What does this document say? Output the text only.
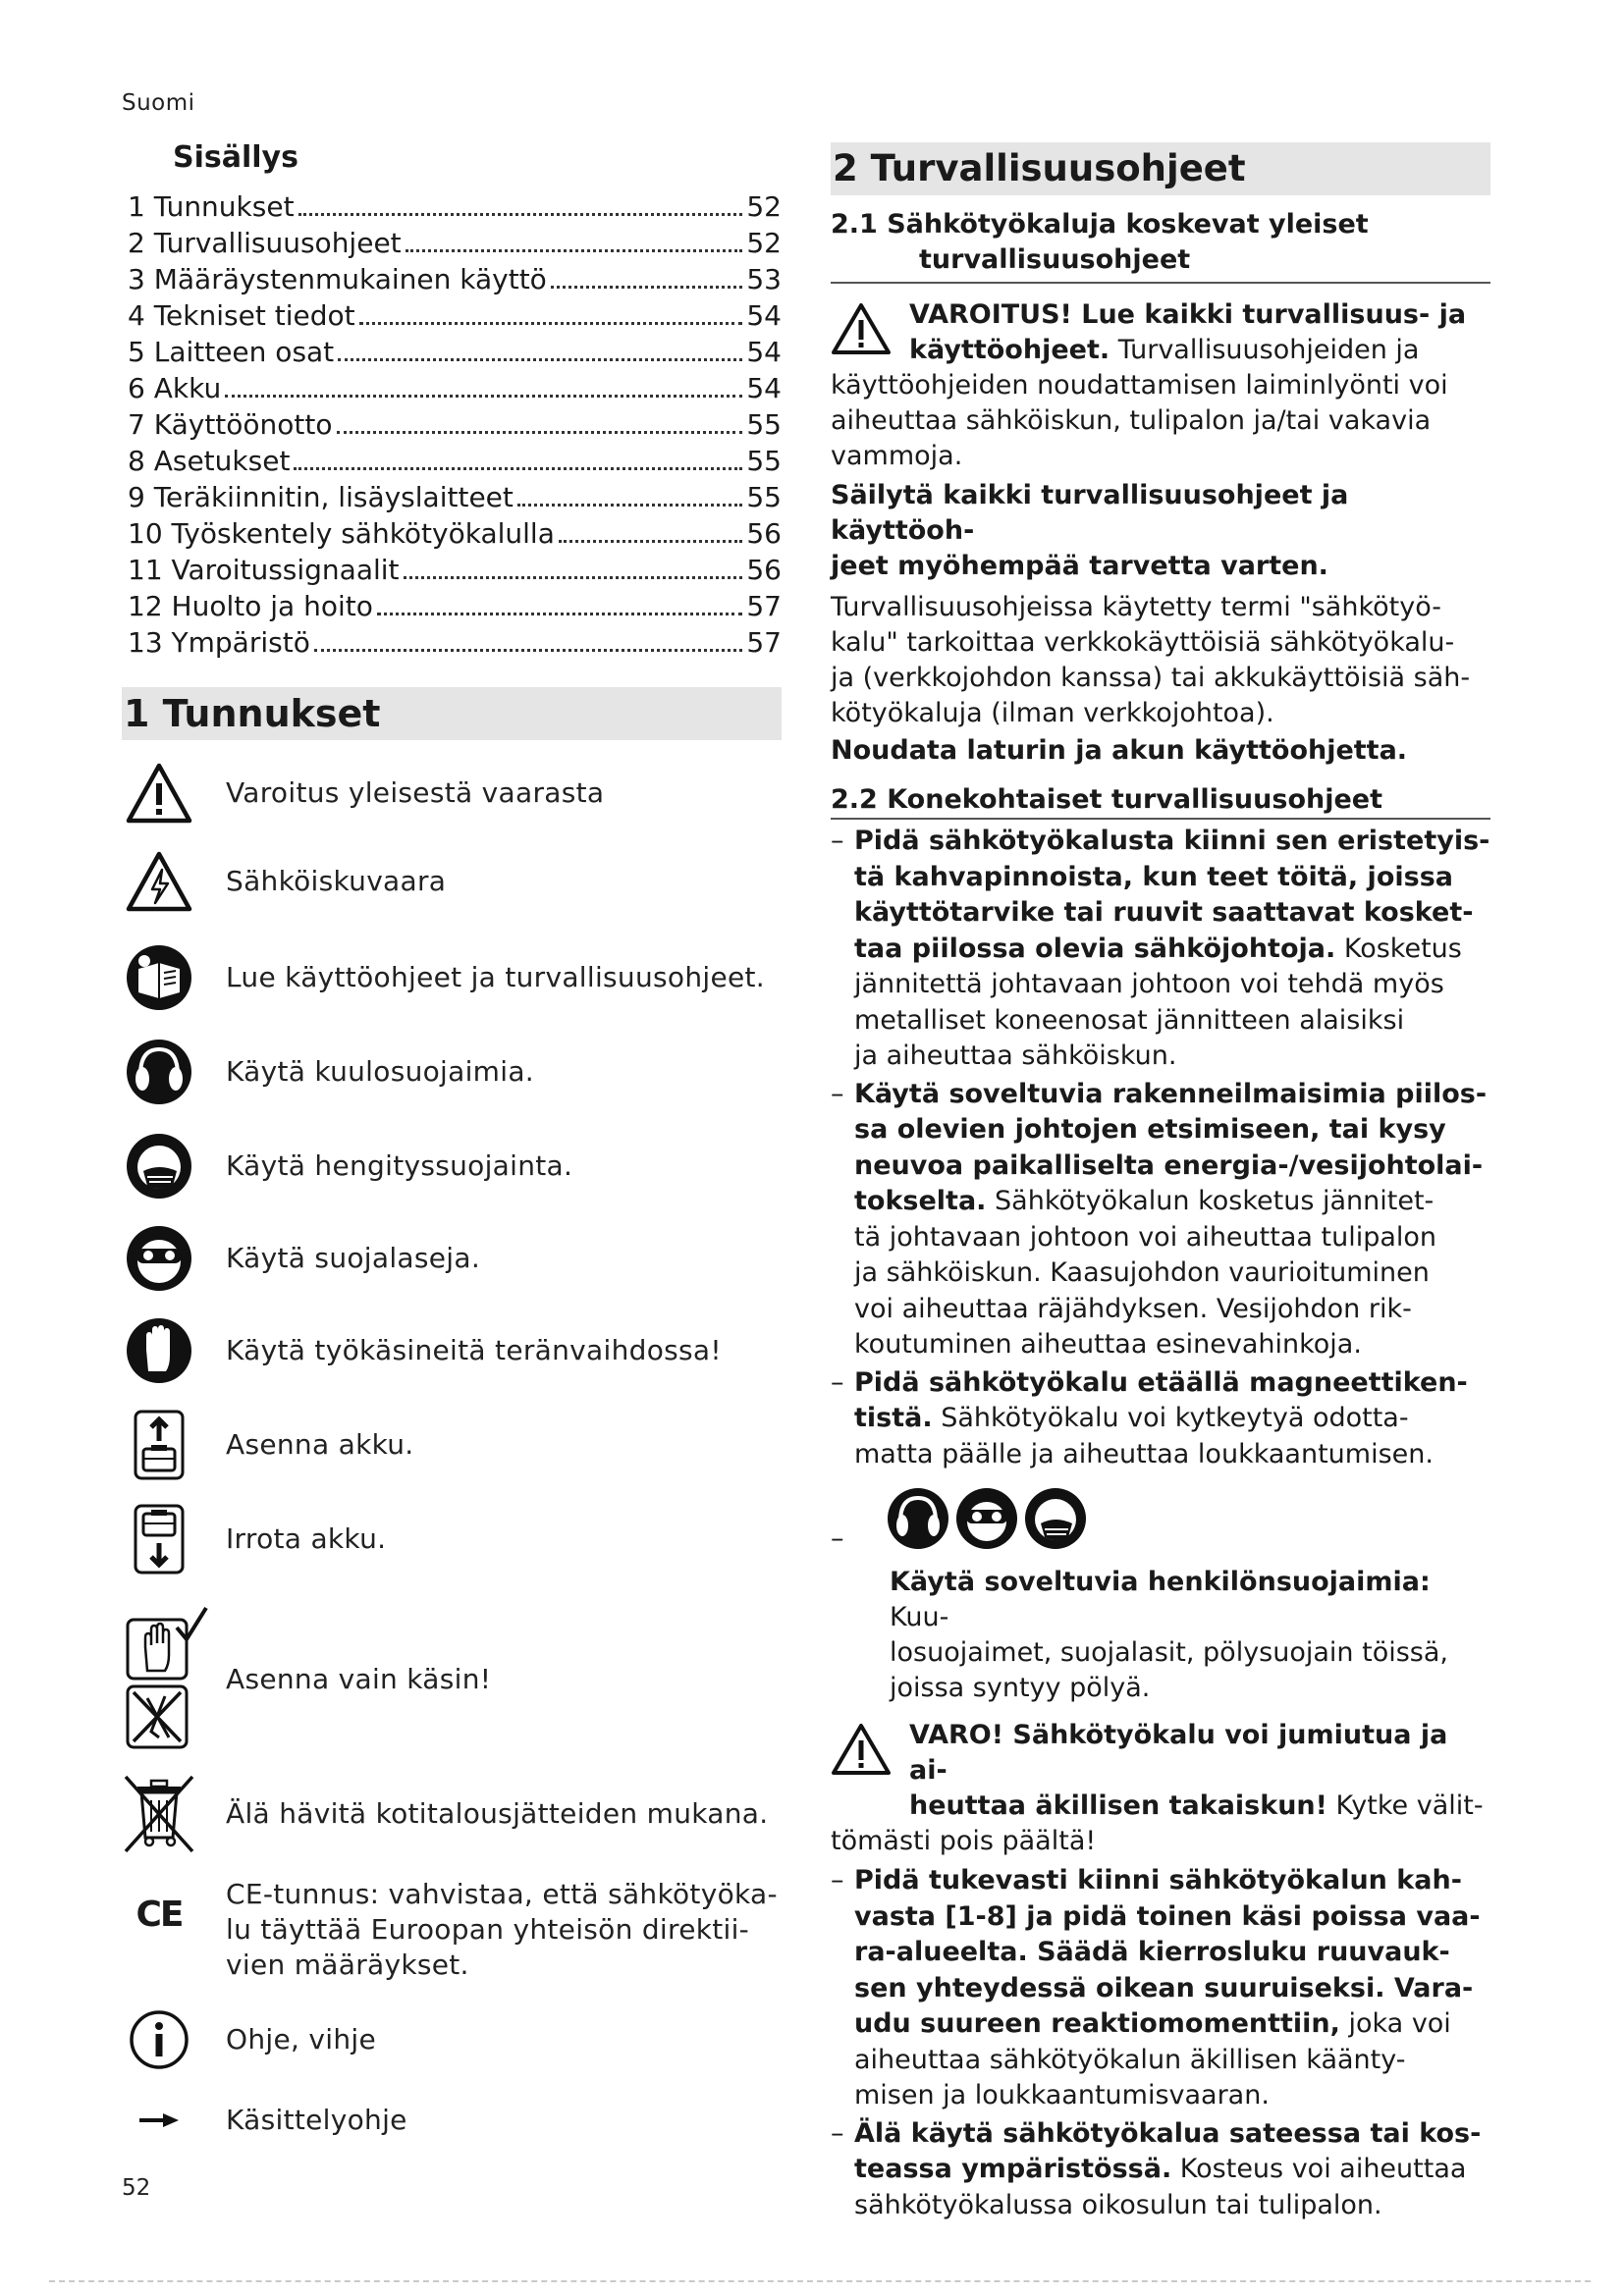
Suomi
Sisällys
1 Tunnukset	52
2 Turvallisuusohjeet	52
3 Määräystenmukainen käyttö	53
4 Tekniset tiedot	54
5 Laitteen osat	54
6 Akku	54
7 Käyttöönotto	55
8 Asetukset	55
9 Teräkiinnitin, lisäyslaitteet	55
10 Työskentely sähkötyökalulla	56
11 Varoitussignaalit	56
12 Huolto ja hoito	57
13 Ympäristö	57
1 Tunnukset
Varoitus yleisestä vaarasta
Sähköiskuvaara
Lue käyttöohjeet ja turvallisuusohjeet.
Käytä kuulosuojaimia.
Käytä hengityssuojainta.
Käytä suojalaseja.
Käytä työkäsineitä teränvaihdossa!
Asenna akku.
Irrota akku.
Asenna vain käsin!
Älä hävitä kotitalousjätteiden mukana.
CE CE-tunnus: vahvistaa, että sähkötyöka-
lu täyttää Euroopan yhteisön direktii-
vien määräykset.
Ohje, vihje
Käsittelyohje
2 Turvallisuusohjeet
2.1 Sähkötyökaluja koskevat yleiset
turvallisuusohjeet
VAROITUS! Lue kaikki turvallisuus- ja
käyttöohjeet. Turvallisuusohjeiden ja
käyttöohjeiden noudattamisen laiminlyönti voi
aiheuttaa sähköiskun, tulipalon ja/tai vakavia
vammoja.
Säilytä kaikki turvallisuusohjeet ja käyttöoh-
jeet myöhempää tarvetta varten.
Turvallisuusohjeissa käytetty termi "sähkötyö-
kalu" tarkoittaa verkkokäyttöisiä sähkötyökalu-
ja (verkkojohdon kanssa) tai akkukäyttöisiä säh-
kötyökaluja (ilman verkkojohtoa).
Noudata laturin ja akun käyttöohjetta.
2.2 Konekohtaiset turvallisuusohjeet
– Pidä sähkötyökalusta kiinni sen eristetyis-
tä kahvapinnoista, kun teet töitä, joissa
käyttötarvike tai ruuvit saattavat kosket-
taa piilossa olevia sähköjohtoja. Kosketus
jännitettä johtavaan johtoon voi tehdä myös
metalliset koneenosat jännitteen alaisiksi
ja aiheuttaa sähköiskun.
– Käytä soveltuvia rakenneilmaisimia piilos-
sa olevien johtojen etsimiseen, tai kysy
neuvoa paikalliselta energia-/vesijohtolai-
tokselta. Sähkötyökalun kosketus jännitet-
tä johtavaan johtoon voi aiheuttaa tulipalon
ja sähköiskun. Kaasujohdon vaurioituminen
voi aiheuttaa räjähdyksen. Vesijohdon rik-
koutuminen aiheuttaa esinevahinkoja.
– Pidä sähkötyökalu etäällä magneettiken-
tistä. Sähkötyökalu voi kytkeytyä odotta-
matta päälle ja aiheuttaa loukkaantumisen.
–
Käytä soveltuvia henkilönsuojaimia: Kuu-
losuojaimet, suojalasit, pölysuojain töissä,
joissa syntyy pölyä.
VARO! Sähkötyökalu voi jumiutua ja ai-
heuttaa äkillisen takaiskun! Kytke välit-
tömästi pois päältä!
– Pidä tukevasti kiinni sähkötyökalun kah-
vasta [1-8] ja pidä toinen käsi poissa vaa-
ra-alueelta. Säädä kierrosluku ruuvauk-
sen yhteydessä oikean suuruiseksi. Vara-
udu suureen reaktiomomenttiin, joka voi
aiheuttaa sähkötyökalun äkillisen käänty-
misen ja loukkaantumisvaaran.
– Älä käytä sähkötyökalua sateessa tai kos-
teassa ympäristössä. Kosteus voi aiheuttaa
sähkötyökalussa oikosulun tai tulipalon.
52
